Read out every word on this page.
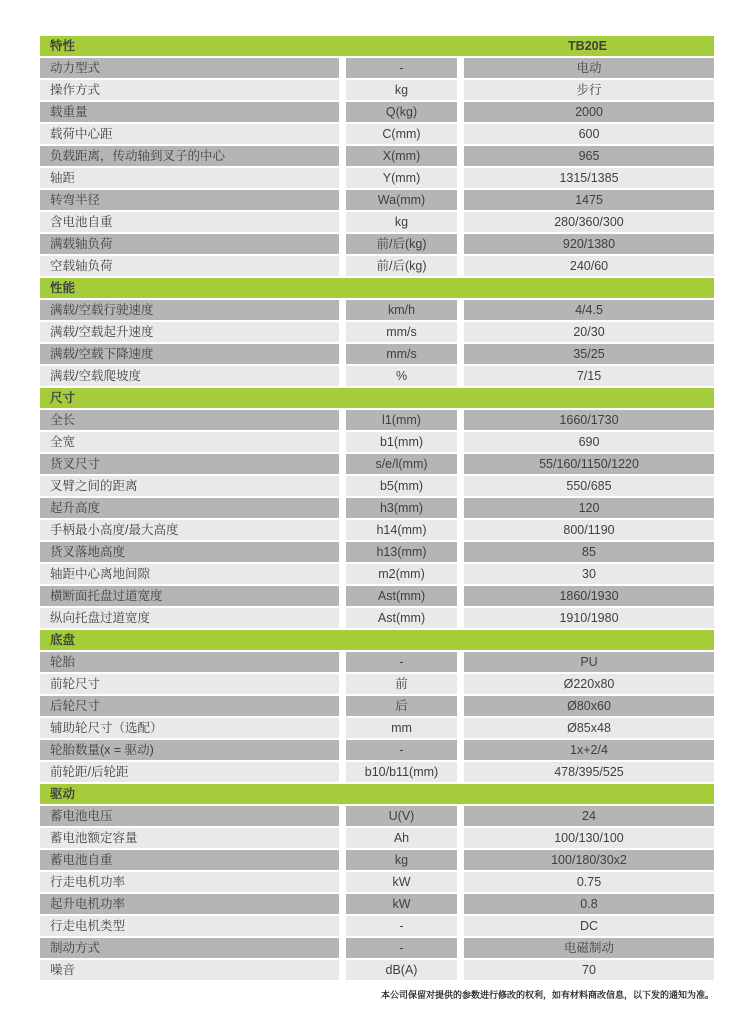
特性	TB20E
动力型式	-	电动
操作方式	kg	步行
载重量	Q(kg)	2000
载荷中心距	C(mm)	600
负载距离，传动轴到叉子的中心	X(mm)	965
轴距	Y(mm)	1315/1385
转弯半径	Wa(mm)	1475
含电池自重	kg	280/360/300
满载轴负荷	前/后(kg)	920/1380
空载轴负荷	前/后(kg)	240/60
性能
满载/空载行驶速度	km/h	4/4.5
满载/空载起升速度	mm/s	20/30
满载/空载下降速度	mm/s	35/25
满载/空载爬坡度	%	7/15
尺寸
全长	l1(mm)	1660/1730
全宽	b1(mm)	690
货叉尺寸	s/e/l(mm)	55/160/1150/1220
叉臂之间的距离	b5(mm)	550/685
起升高度	h3(mm)	120
手柄最小高度/最大高度	h14(mm)	800/1190
货叉落地高度	h13(mm)	85
轴距中心离地间隙	m2(mm)	30
横断面托盘过道宽度	Ast(mm)	1860/1930
纵向托盘过道宽度	Ast(mm)	1910/1980
底盘
轮胎	-	PU
前轮尺寸	前	Ø220x80
后轮尺寸	后	Ø80x60
辅助轮尺寸（选配）	mm	Ø85x48
轮胎数量(x = 驱动)	-	1x+2/4
前轮距/后轮距	b10/b11(mm)	478/395/525
驱动
蓄电池电压	U(V)	24
蓄电池额定容量	Ah	100/130/100
蓄电池自重	kg	100/180/30x2
行走电机功率	kW	0.75
起升电机功率	kW	0.8
行走电机类型	-	DC
制动方式	-	电磁制动
噪音	dB(A)	70
本公司保留对提供的参数进行修改的权利，如有材料商改信息，以下发的通知为准。
